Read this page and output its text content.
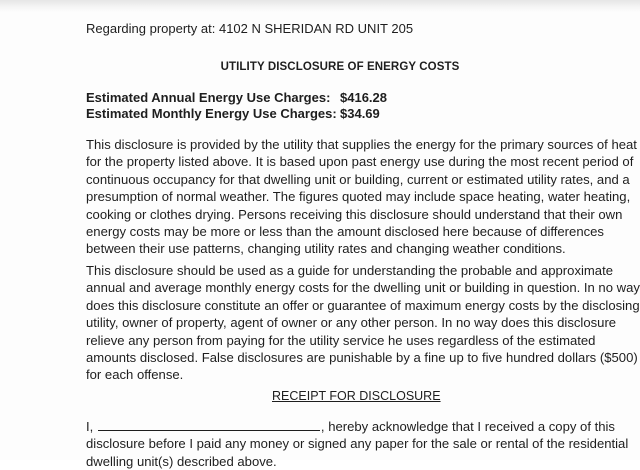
Regarding property at: 4102 N SHERIDAN RD UNIT 205
UTILITY DISCLOSURE OF ENERGY COSTS
Estimated Annual Energy Use Charges: $416.28
Estimated Monthly Energy Use Charges: $34.69
This disclosure is provided by the utility that supplies the energy for the primary sources of heat
for the property listed above. It is based upon past energy use during the most recent period of
continuous occupancy for that dwelling unit or building, current or estimated utility rates, and a
presumption of normal weather. The figures quoted may include space heating, water heating,
cooking or clothes drying. Persons receiving this disclosure should understand that their own
energy costs may be more or less than the amount disclosed here because of differences
between their use patterns, changing utility rates and changing weather conditions.
This disclosure should be used as a guide for understanding the probable and approximate
annual and average monthly energy costs for the dwelling unit or building in question. In no way
does this disclosure constitute an offer or guarantee of maximum energy costs by the disclosing
utility, owner of property, agent of owner or any other person. In no way does this disclosure
relieve any person from paying for the utility service he uses regardless of the estimated
amounts disclosed. False disclosures are punishable by a fine up to five hundred dollars ($500)
for each offense.
RECEIPT FOR DISCLOSURE
I,	, hereby acknowledge that I received a copy of this
disclosure before I paid any money or signed any paper for the sale or rental of the residential
dwelling unit(s) described above.
